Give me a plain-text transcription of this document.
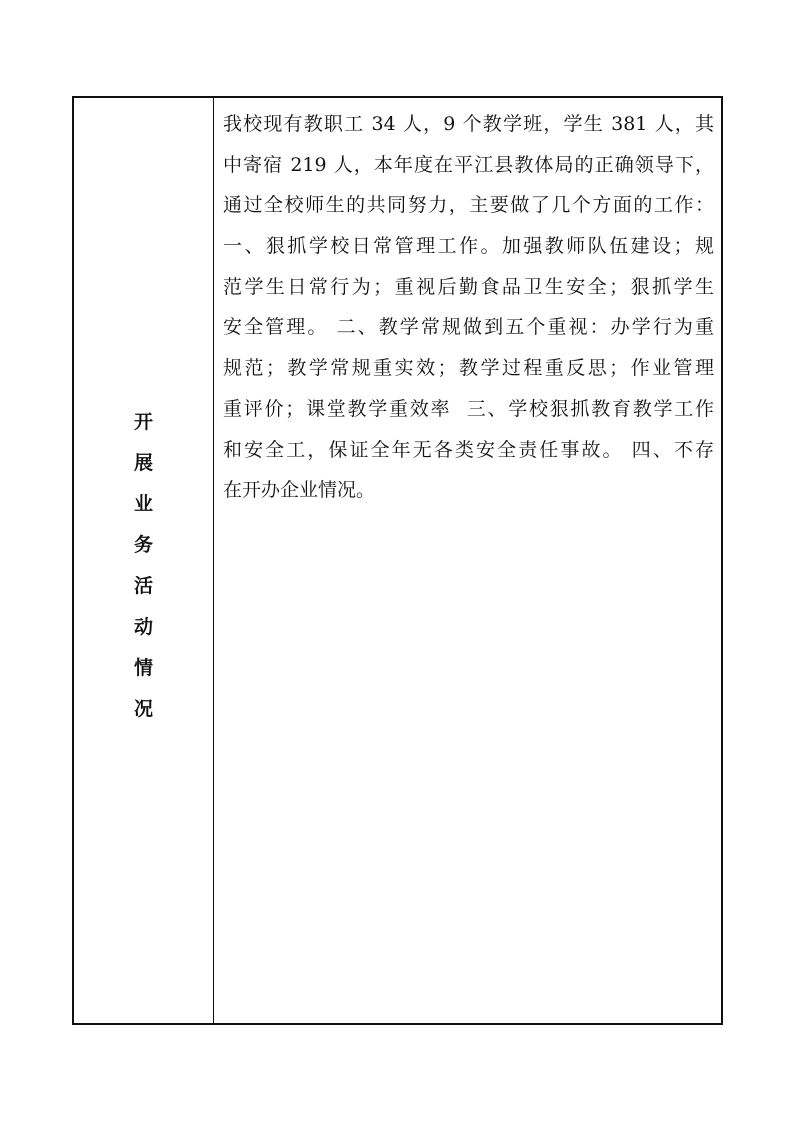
开
展
业
务
活
动
情
况
我校现有教职工 34 人，9 个教学班，学生 381 人，其
中寄宿 219 人，本年度在平江县教体局的正确领导下，
通过全校师生的共同努力，主要做了几个方面的工作：
一、狠抓学校日常管理工作。加强教师队伍建设；规
范学生日常行为；重视后勤食品卫生安全；狠抓学生
安全管理。 二、教学常规做到五个重视：办学行为重
规范；教学常规重实效；教学过程重反思；作业管理
重评价；课堂教学重效率  三、学校狠抓教育教学工作
和安全工，保证全年无各类安全责任事故。 四、不存
在开办企业情况。
